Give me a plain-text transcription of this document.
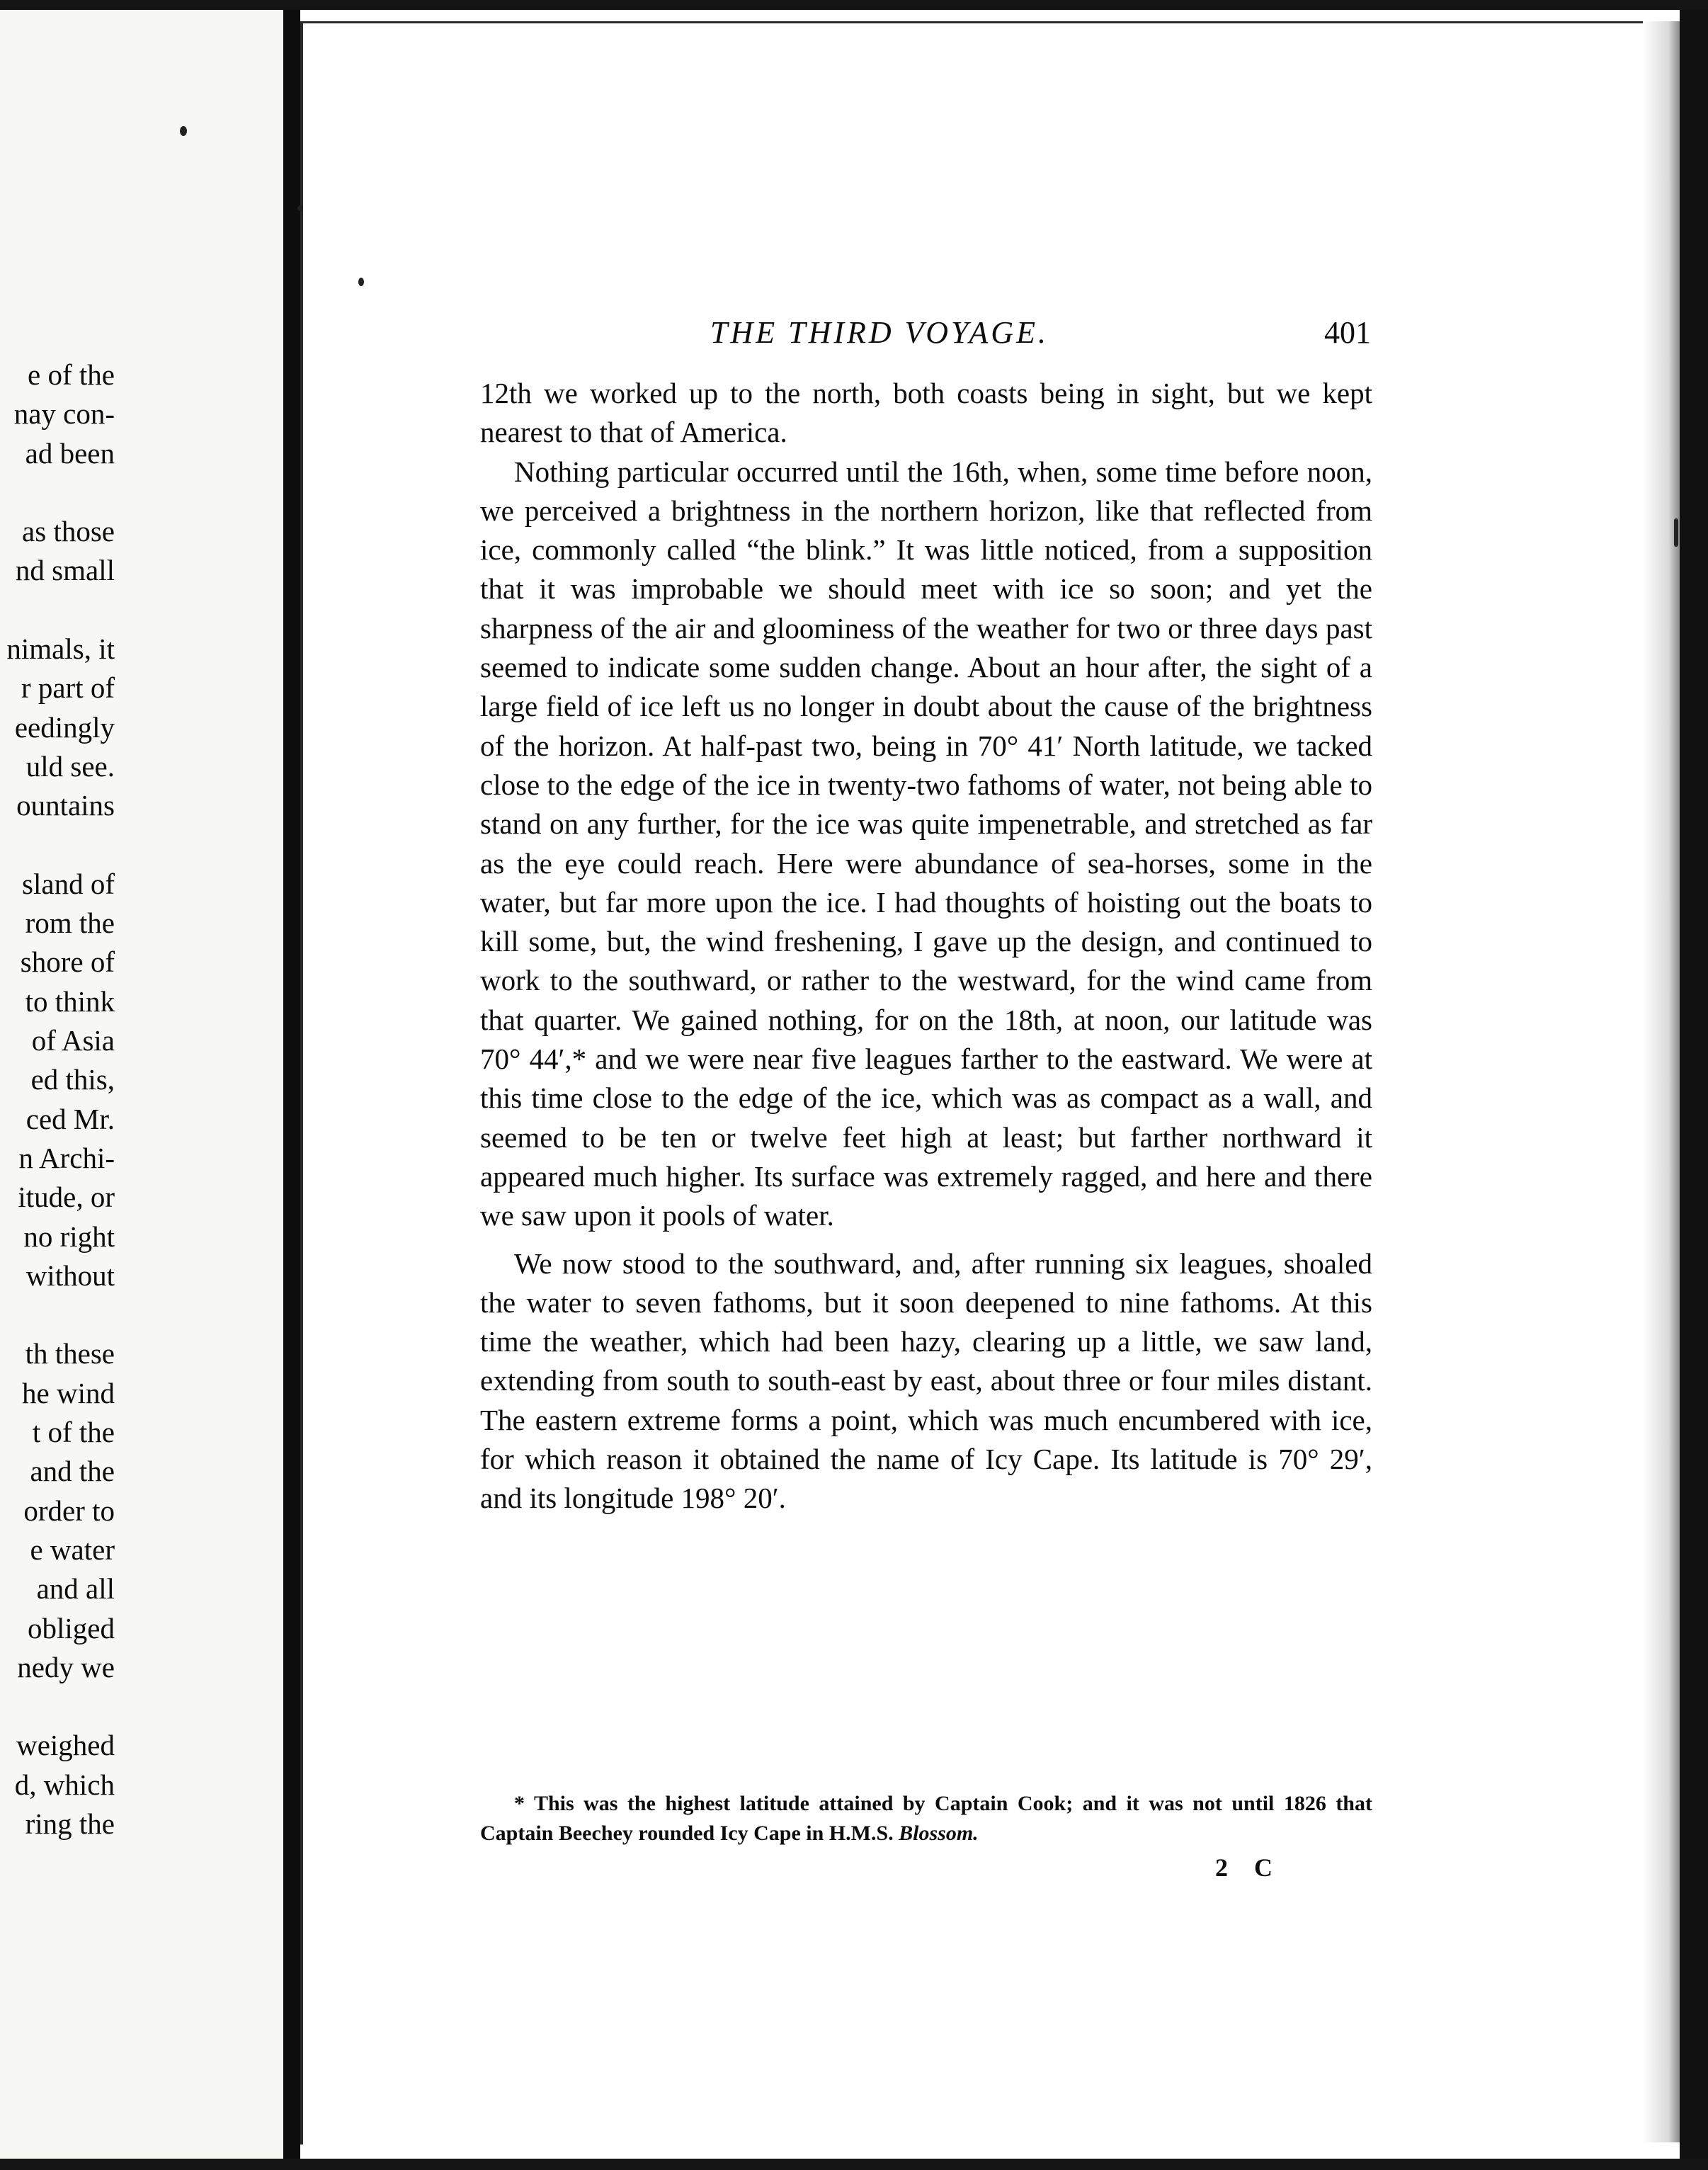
e of the
nay con-
ad been
as those
nd small
nimals, it
r part of
eedingly
uld see.
ountains
sland of
rom the
shore of
to think
of Asia
ed this,
ced Mr.
n Archi-
itude, or
no right
without
th these
he wind
t of the
and the
order to
e water
and all
obliged
nedy we
weighed
d, which
ring the
THE THIRD VOYAGE.	401

12th we worked up to the north, both coasts being in sight, but we kept nearest to that of America.

Nothing particular occurred until the 16th, when, some time before noon, we perceived a brightness in the northern horizon, like that reflected from ice, commonly called “the blink.” It was little noticed, from a supposition that it was improbable we should meet with ice so soon; and yet the sharpness of the air and gloominess of the weather for two or three days past seemed to indicate some sudden change. About an hour after, the sight of a large field of ice left us no longer in doubt about the cause of the brightness of the horizon. At half-past two, being in 70° 41′ North latitude, we tacked close to the edge of the ice in twenty-two fathoms of water, not being able to stand on any further, for the ice was quite impenetrable, and stretched as far as the eye could reach. Here were abundance of sea-horses, some in the water, but far more upon the ice. I had thoughts of hoisting out the boats to kill some, but, the wind freshening, I gave up the design, and continued to work to the southward, or rather to the westward, for the wind came from that quarter. We gained nothing, for on the 18th, at noon, our latitude was 70° 44′,* and we were near five leagues farther to the eastward. We were at this time close to the edge of the ice, which was as compact as a wall, and seemed to be ten or twelve feet high at least; but farther northward it appeared much higher. Its surface was extremely ragged, and here and there we saw upon it pools of water.

We now stood to the southward, and, after running six leagues, shoaled the water to seven fathoms, but it soon deepened to nine fathoms. At this time the weather, which had been hazy, clearing up a little, we saw land, extending from south to south-east by east, about three or four miles distant. The eastern extreme forms a point, which was much encumbered with ice, for which reason it obtained the name of Icy Cape. Its latitude is 70° 29′, and its longitude 198° 20′.

* This was the highest latitude attained by Captain Cook; and it was not until 1826 that Captain Beechey rounded Icy Cape in H.M.S. Blossom.

2 C
